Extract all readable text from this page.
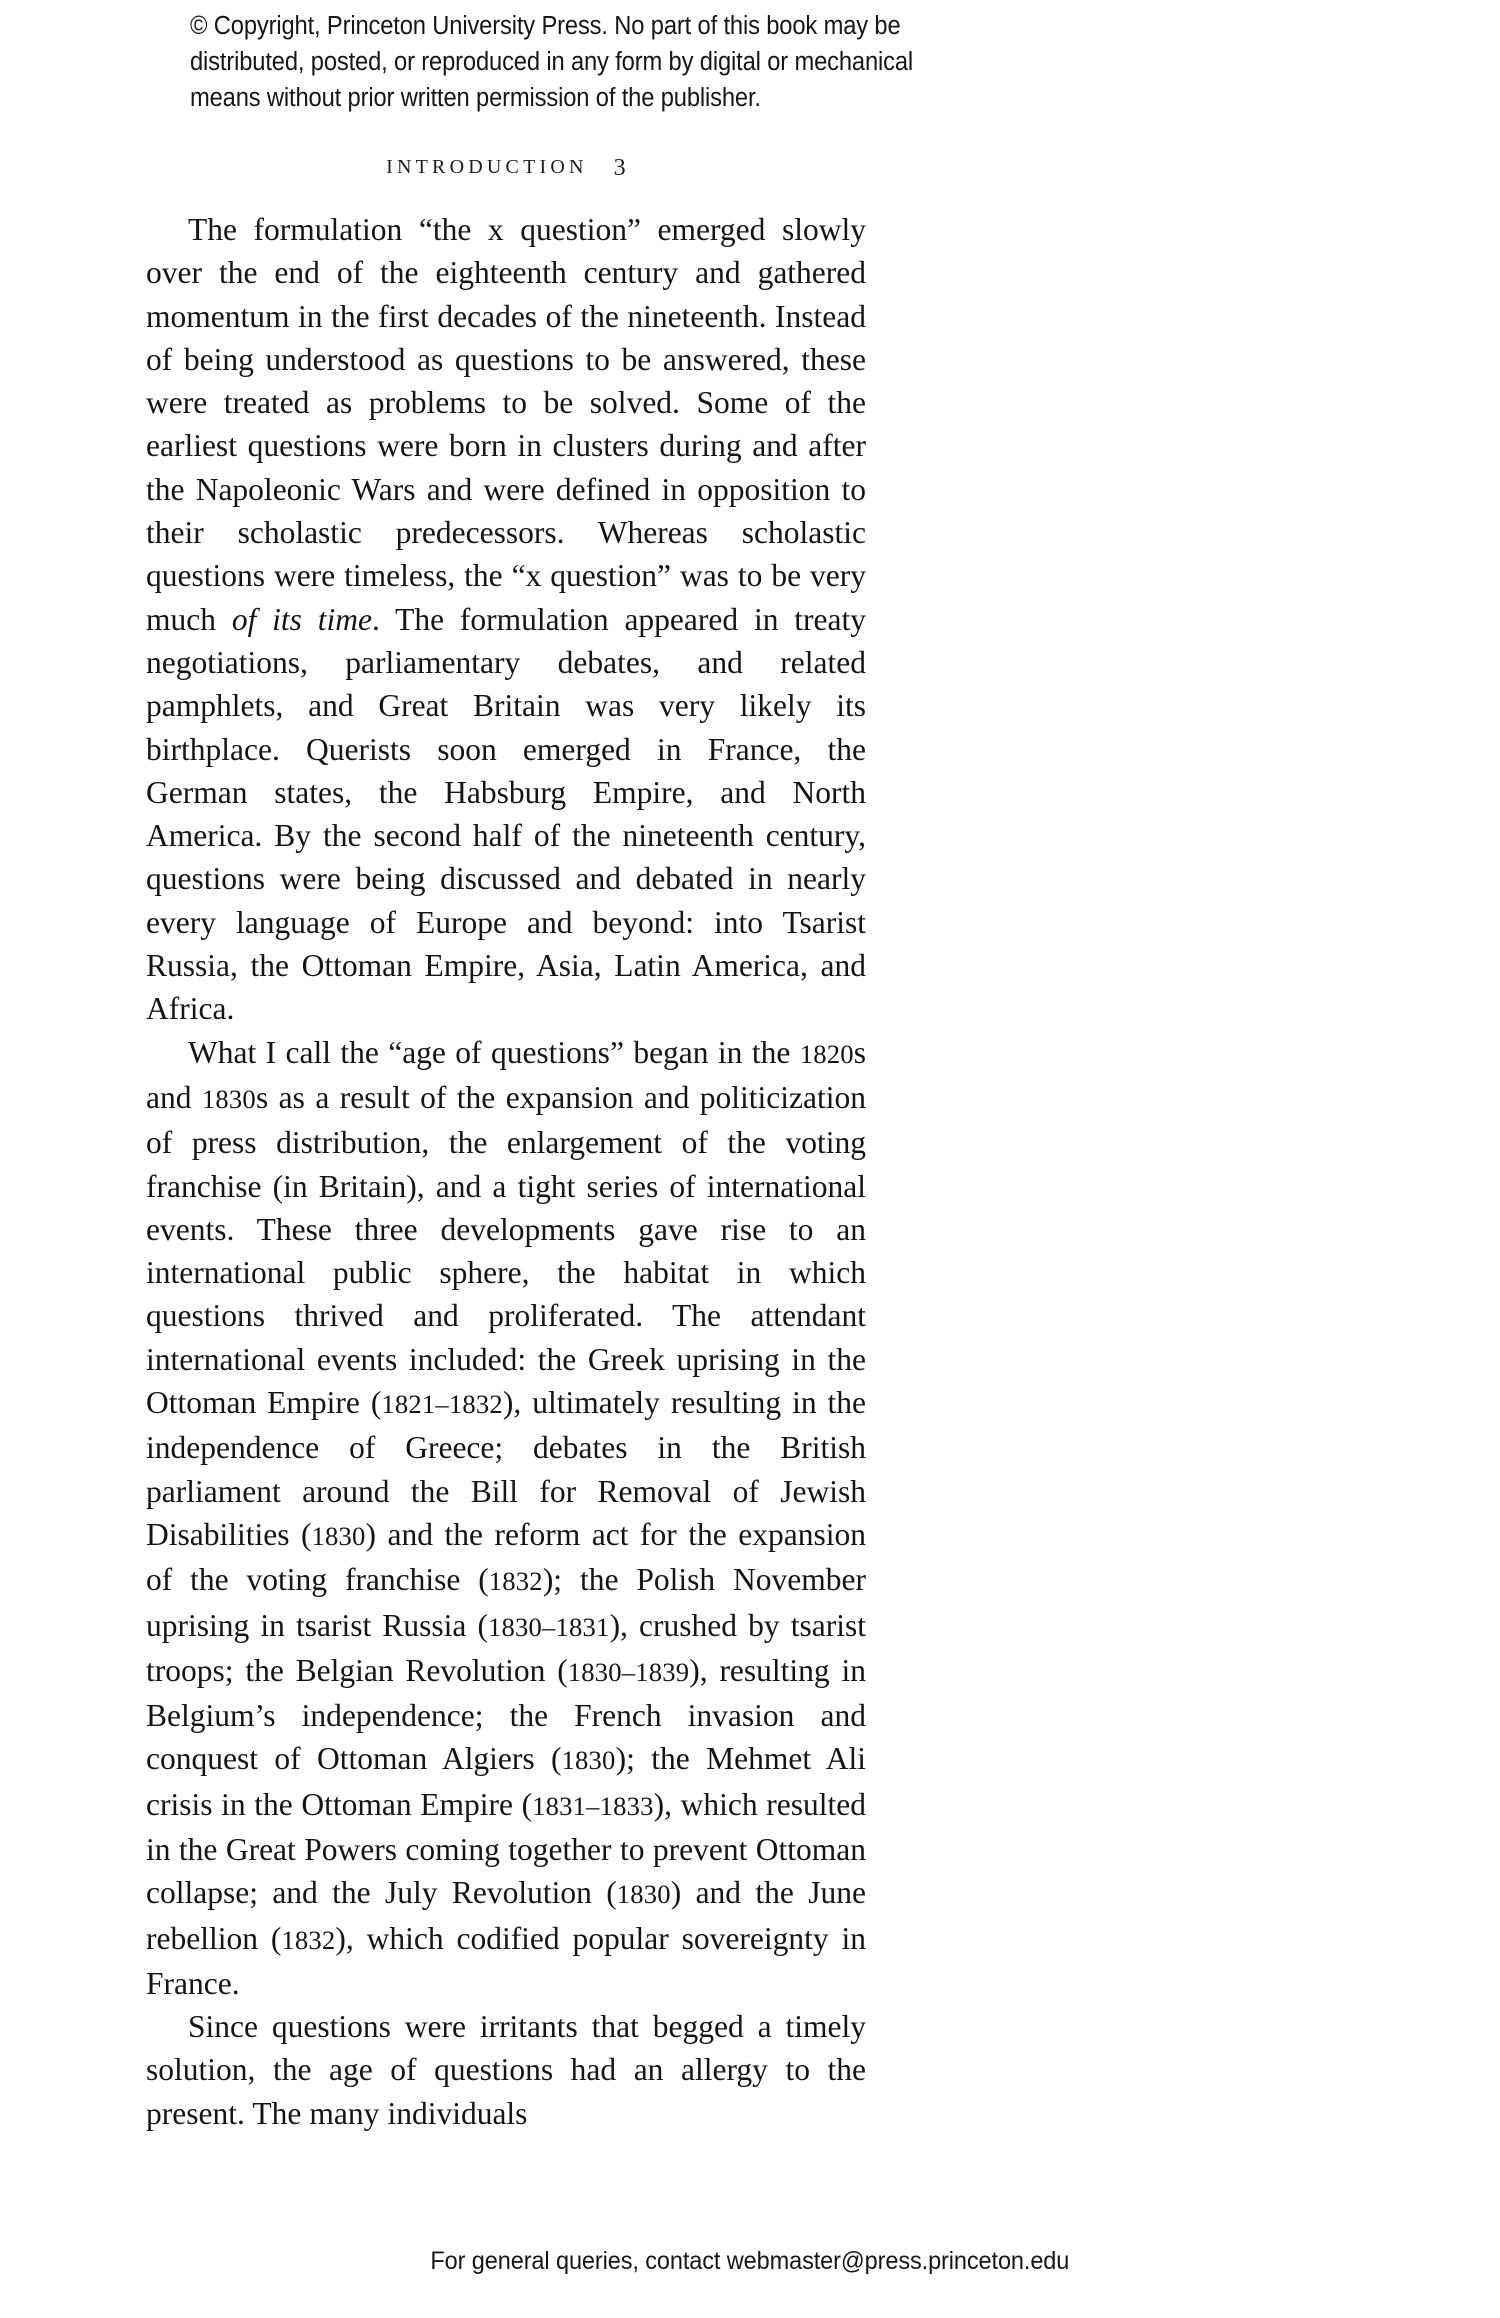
© Copyright, Princeton University Press. No part of this book may be
distributed, posted, or reproduced in any form by digital or mechanical
means without prior written permission of the publisher.
INTRODUCTION 3

The formulation “the x question” emerged slowly over the end of the eighteenth century and gathered momentum in the first decades of the nineteenth. Instead of being understood as questions to be answered, these were treated as problems to be solved. Some of the earliest questions were born in clusters during and after the Napoleonic Wars and were defined in opposition to their scholastic predecessors. Whereas scholastic questions were timeless, the “x question” was to be very much of its time. The formulation appeared in treaty negotiations, parliamentary debates, and related pamphlets, and Great Britain was very likely its birthplace. Querists soon emerged in France, the German states, the Habsburg Empire, and North America. By the second half of the nineteenth century, questions were being discussed and debated in nearly every language of Europe and beyond: into Tsarist Russia, the Ottoman Empire, Asia, Latin America, and Africa.

What I call the “age of questions” began in the 1820s and 1830s as a result of the expansion and politicization of press distribution, the enlargement of the voting franchise (in Britain), and a tight series of international events. These three developments gave rise to an international public sphere, the habitat in which questions thrived and proliferated. The attendant international events included: the Greek uprising in the Ottoman Empire (1821–1832), ultimately resulting in the independence of Greece; debates in the British parliament around the Bill for Removal of Jewish Disabilities (1830) and the reform act for the expansion of the voting franchise (1832); the Polish November uprising in tsarist Russia (1830–1831), crushed by tsarist troops; the Belgian Revolution (1830–1839), resulting in Belgium’s independence; the French invasion and conquest of Ottoman Algiers (1830); the Mehmet Ali crisis in the Ottoman Empire (1831–1833), which resulted in the Great Powers coming together to prevent Ottoman collapse; and the July Revolution (1830) and the June rebellion (1832), which codified popular sovereignty in France.

Since questions were irritants that begged a timely solution, the age of questions had an allergy to the present. The many individuals

For general queries, contact webmaster@press.princeton.edu
